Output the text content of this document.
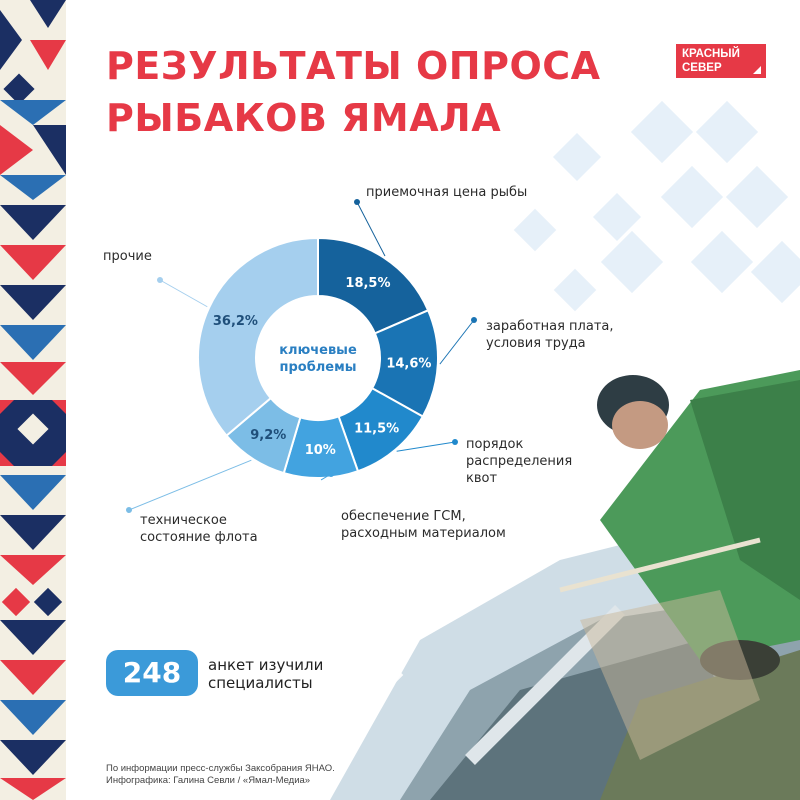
РЕЗУЛЬТАТЫ ОПРОСА
РЫБАКОВ ЯМАЛА
КРАСНЫЙ
СЕВЕР
18,5%
14,6%
11,5%
10%
9,2%
36,2%
ключевые
проблемы
приемочная цена рыбы
заработная плата,
условия труда
порядок
распределения
квот
обеспечение ГСМ,
расходным материалом
техническое
состояние флота
прочие
248	анкет изучили
специалисты
По информации пресс-службы Заксобрания ЯНАО.
Инфографика: Галина Севли / «Ямал-Медиа»
